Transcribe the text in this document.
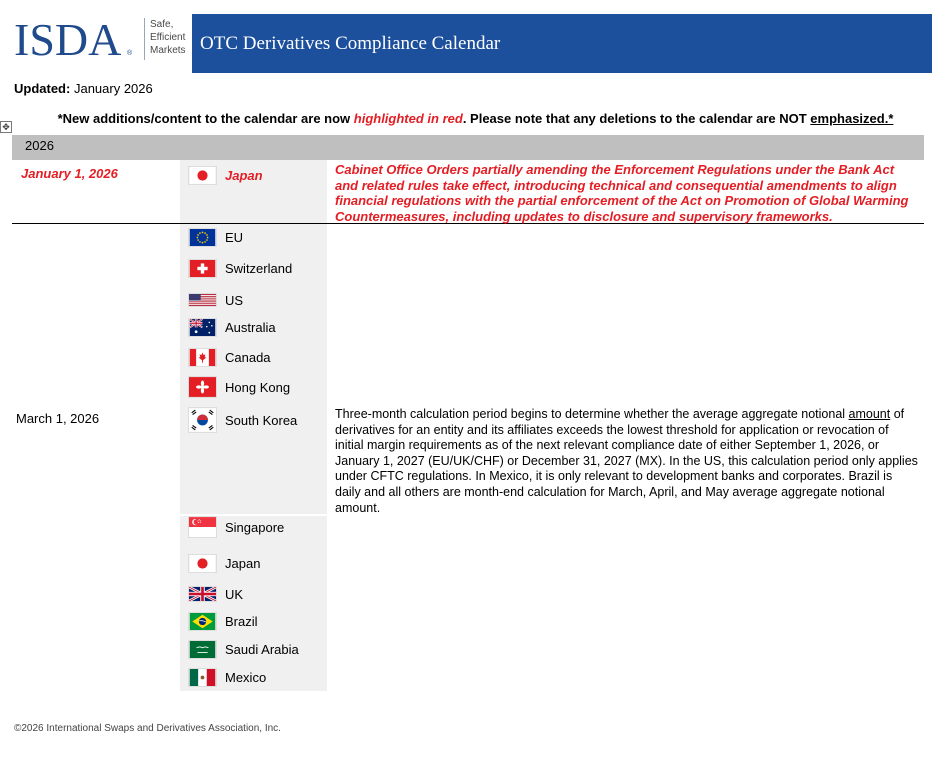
ISDA ®
Safe,
Efficient
Markets OTC Derivatives Compliance Calendar
Updated: January 2026
*New additions/content to the calendar are now highlighted in red. Please note that any deletions to the calendar are NOT emphasized.*
✥
2026
January 1, 2026	Japan	Cabinet Office Orders partially amending the Enforcement Regulations under the Bank Act and related rules take effect, introducing technical and consequential amendments to align financial regulations with the partial enforcement of the Act on Promotion of Global Warming Countermeasures, including updates to disclosure and supervisory frameworks.
March 1, 2026
EU
Switzerland
US
Australia
Canada
Hong Kong
South Korea
Singapore
Japan
UK
Brazil
Saudi Arabia
Mexico
Three-month calculation period begins to determine whether the average aggregate notional amount of derivatives for an entity and its affiliates exceeds the lowest threshold for application or revocation of initial margin requirements as of the next relevant compliance date of either September 1, 2026, or January 1, 2027 (EU/UK/CHF) or December 31, 2027 (MX). In the US, this calculation period only applies under CFTC regulations. In Mexico, it is only relevant to development banks and corporates. Brazil is daily and all others are month-end calculation for March, April, and May average aggregate notional amount.
©2026 International Swaps and Derivatives Association, Inc.
